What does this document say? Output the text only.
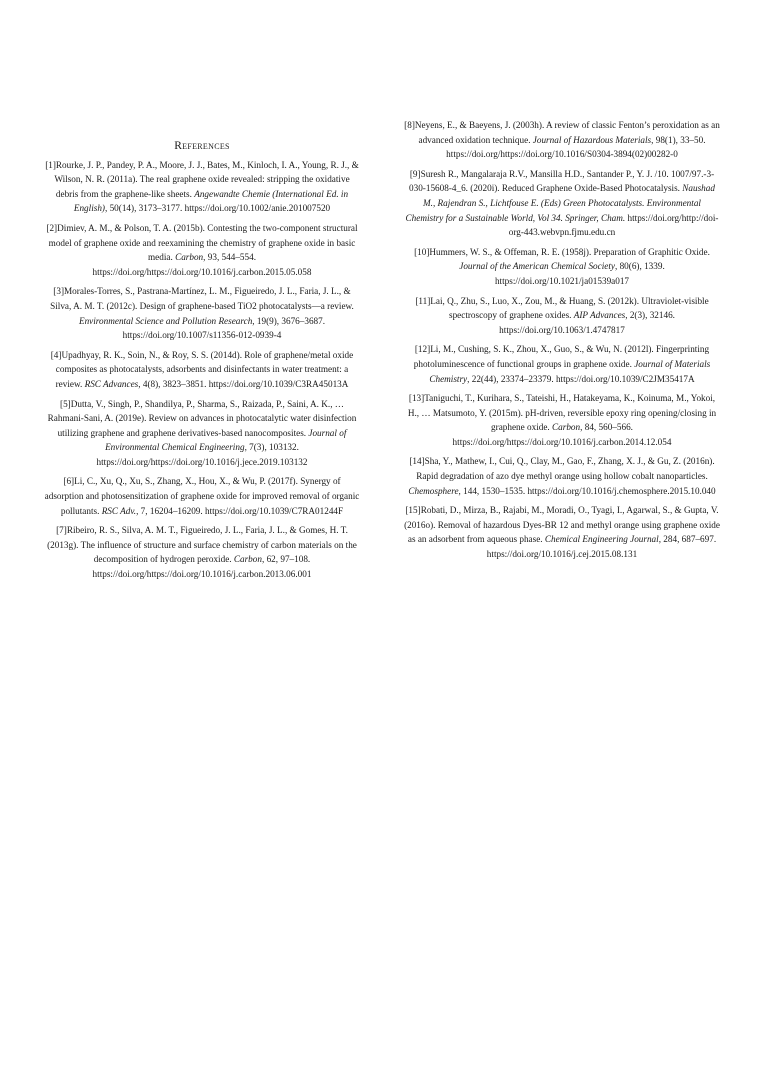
References

[1]Rourke, J. P., Pandey, P. A., Moore, J. J., Bates, M., Kinloch, I. A., Young, R. J., & Wilson, N. R. (2011a). The real graphene oxide revealed: stripping the oxidative debris from the graphene-like sheets. Angewandte Chemie (International Ed. in English), 50(14), 3173–3177. https://doi.org/10.1002/anie.201007520

[2]Dimiev, A. M., & Polson, T. A. (2015b). Contesting the two-component structural model of graphene oxide and reexamining the chemistry of graphene oxide in basic media. Carbon, 93, 544–554. https://doi.org/https://doi.org/10.1016/j.carbon.2015.05.058

[3]Morales-Torres, S., Pastrana-Martínez, L. M., Figueiredo, J. L., Faria, J. L., & Silva, A. M. T. (2012c). Design of graphene-based TiO2 photocatalysts—a review. Environmental Science and Pollution Research, 19(9), 3676–3687. https://doi.org/10.1007/s11356-012-0939-4

[4]Upadhyay, R. K., Soin, N., & Roy, S. S. (2014d). Role of graphene/metal oxide composites as photocatalysts, adsorbents and disinfectants in water treatment: a review. RSC Advances, 4(8), 3823–3851. https://doi.org/10.1039/C3RA45013A

[5]Dutta, V., Singh, P., Shandilya, P., Sharma, S., Raizada, P., Saini, A. K., … Rahmani-Sani, A. (2019e). Review on advances in photocatalytic water disinfection utilizing graphene and graphene derivatives-based nanocomposites. Journal of Environmental Chemical Engineering, 7(3), 103132. https://doi.org/https://doi.org/10.1016/j.jece.2019.103132

[6]Li, C., Xu, Q., Xu, S., Zhang, X., Hou, X., & Wu, P. (2017f). Synergy of adsorption and photosensitization of graphene oxide for improved removal of organic pollutants. RSC Adv., 7, 16204–16209. https://doi.org/10.1039/C7RA01244F

[7]Ribeiro, R. S., Silva, A. M. T., Figueiredo, J. L., Faria, J. L., & Gomes, H. T. (2013g). The influence of structure and surface chemistry of carbon materials on the decomposition of hydrogen peroxide. Carbon, 62, 97–108. https://doi.org/https://doi.org/10.1016/j.carbon.2013.06.001

[8]Neyens, E., & Baeyens, J. (2003h). A review of classic Fenton’s peroxidation as an advanced oxidation technique. Journal of Hazardous Materials, 98(1), 33–50. https://doi.org/https://doi.org/10.1016/S0304-3894(02)00282-0

[9]Suresh R., Mangalaraja R.V., Mansilla H.D., Santander P., Y. J. /10. 1007/97.-3-030-15608-4_6. (2020i). Reduced Graphene Oxide-Based Photocatalysis. Naushad M., Rajendran S., Lichtfouse E. (Eds) Green Photocatalysts. Environmental Chemistry for a Sustainable World, Vol 34. Springer, Cham. https://doi.org/http://doi-org-443.webvpn.fjmu.edu.cn

[10]Hummers, W. S., & Offeman, R. E. (1958j). Preparation of Graphitic Oxide. Journal of the American Chemical Society, 80(6), 1339. https://doi.org/10.1021/ja01539a017

[11]Lai, Q., Zhu, S., Luo, X., Zou, M., & Huang, S. (2012k). Ultraviolet-visible spectroscopy of graphene oxides. AIP Advances, 2(3), 32146. https://doi.org/10.1063/1.4747817

[12]Li, M., Cushing, S. K., Zhou, X., Guo, S., & Wu, N. (2012l). Fingerprinting photoluminescence of functional groups in graphene oxide. Journal of Materials Chemistry, 22(44), 23374–23379. https://doi.org/10.1039/C2JM35417A

[13]Taniguchi, T., Kurihara, S., Tateishi, H., Hatakeyama, K., Koinuma, M., Yokoi, H., … Matsumoto, Y. (2015m). pH-driven, reversible epoxy ring opening/closing in graphene oxide. Carbon, 84, 560–566. https://doi.org/https://doi.org/10.1016/j.carbon.2014.12.054

[14]Sha, Y., Mathew, I., Cui, Q., Clay, M., Gao, F., Zhang, X. J., & Gu, Z. (2016n). Rapid degradation of azo dye methyl orange using hollow cobalt nanoparticles. Chemosphere, 144, 1530–1535. https://doi.org/10.1016/j.chemosphere.2015.10.040

[15]Robati, D., Mirza, B., Rajabi, M., Moradi, O., Tyagi, I., Agarwal, S., & Gupta, V. (2016o). Removal of hazardous Dyes-BR 12 and methyl orange using graphene oxide as an adsorbent from aqueous phase. Chemical Engineering Journal, 284, 687–697. https://doi.org/10.1016/j.cej.2015.08.131
